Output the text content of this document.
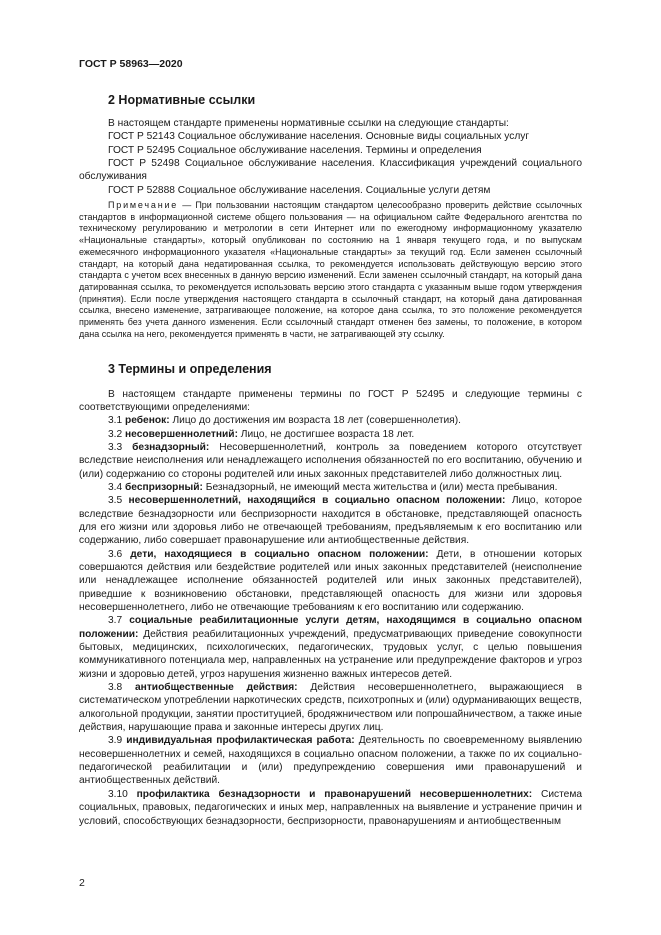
ГОСТ Р 58963—2020
2 Нормативные ссылки

В настоящем стандарте применены нормативные ссылки на следующие стандарты:

ГОСТ Р 52143 Социальное обслуживание населения. Основные виды социальных услуг

ГОСТ Р 52495 Социальное обслуживание населения. Термины и определения

ГОСТ Р 52498 Социальное обслуживание населения. Классификация учреждений социального обслуживания

ГОСТ Р 52888 Социальное обслуживание населения. Социальные услуги детям

Примечание — При пользовании настоящим стандартом целесообразно проверить действие ссылочных стандартов в информационной системе общего пользования — на официальном сайте Федерального агентства по техническому регулированию и метрологии в сети Интернет или по ежегодному информационному указателю «Национальные стандарты», который опубликован по состоянию на 1 января текущего года, и по выпускам ежемесячного информационного указателя «Национальные стандарты» за текущий год. Если заменен ссылочный стандарт, на который дана недатированная ссылка, то рекомендуется использовать действующую версию этого стандарта с учетом всех внесенных в данную версию изменений. Если заменен ссылочный стандарт, на который дана датированная ссылка, то рекомендуется использовать версию этого стандарта с указанным выше годом утверждения (принятия). Если после утверждения настоящего стандарта в ссылочный стандарт, на который дана датированная ссылка, внесено изменение, затрагивающее положение, на которое дана ссылка, то это положение рекомендуется применять без учета данного изменения. Если ссылочный стандарт отменен без замены, то положение, в котором дана ссылка на него, рекомендуется применять в части, не затрагивающей эту ссылку.
3 Термины и определения

В настоящем стандарте применены термины по ГОСТ Р 52495 и следующие термины с соответствующими определениями:

3.1 ребенок: Лицо до достижения им возраста 18 лет (совершеннолетия).

3.2 несовершеннолетний: Лицо, не достигшее возраста 18 лет.

3.3 безнадзорный: Несовершеннолетний, контроль за поведением которого отсутствует вследствие неисполнения или ненадлежащего исполнения обязанностей по его воспитанию, обучению и (или) содержанию со стороны родителей или иных законных представителей либо должностных лиц.

3.4 беспризорный: Безнадзорный, не имеющий места жительства и (или) места пребывания.

3.5 несовершеннолетний, находящийся в социально опасном положении: Лицо, которое вследствие безнадзорности или беспризорности находится в обстановке, представляющей опасность для его жизни или здоровья либо не отвечающей требованиям, предъявляемым к его воспитанию или содержанию, либо совершает правонарушение или антиобщественные действия.

3.6 дети, находящиеся в социально опасном положении: Дети, в отношении которых совершаются действия или бездействие родителей или иных законных представителей (неисполнение или ненадлежащее исполнение обязанностей родителей или иных законных представителей), приведшие к возникновению обстановки, представляющей опасность для жизни или здоровья несовершеннолетнего, либо не отвечающие требованиям к его воспитанию или содержанию.

3.7 социальные реабилитационные услуги детям, находящимся в социально опасном положении: Действия реабилитационных учреждений, предусматривающих приведение совокупности бытовых, медицинских, психологических, педагогических, трудовых услуг, с целью повышения коммуникативного потенциала мер, направленных на устранение или предупреждение факторов и угроз жизни и здоровью детей, угроз нарушения жизненно важных интересов детей.

3.8 антиобщественные действия: Действия несовершеннолетнего, выражающиеся в систематическом употреблении наркотических средств, психотропных и (или) одурманивающих веществ, алкогольной продукции, занятии проституцией, бродяжничеством или попрошайничеством, а также иные действия, нарушающие права и законные интересы других лиц.

3.9 индивидуальная профилактическая работа: Деятельность по своевременному выявлению несовершеннолетних и семей, находящихся в социально опасном положении, а также по их социально-педагогической реабилитации и (или) предупреждению совершения ими правонарушений и антиобщественных действий.

3.10 профилактика безнадзорности и правонарушений несовершеннолетних: Система социальных, правовых, педагогических и иных мер, направленных на выявление и устранение причин и условий, способствующих безнадзорности, беспризорности, правонарушениям и антиобщественным

2
